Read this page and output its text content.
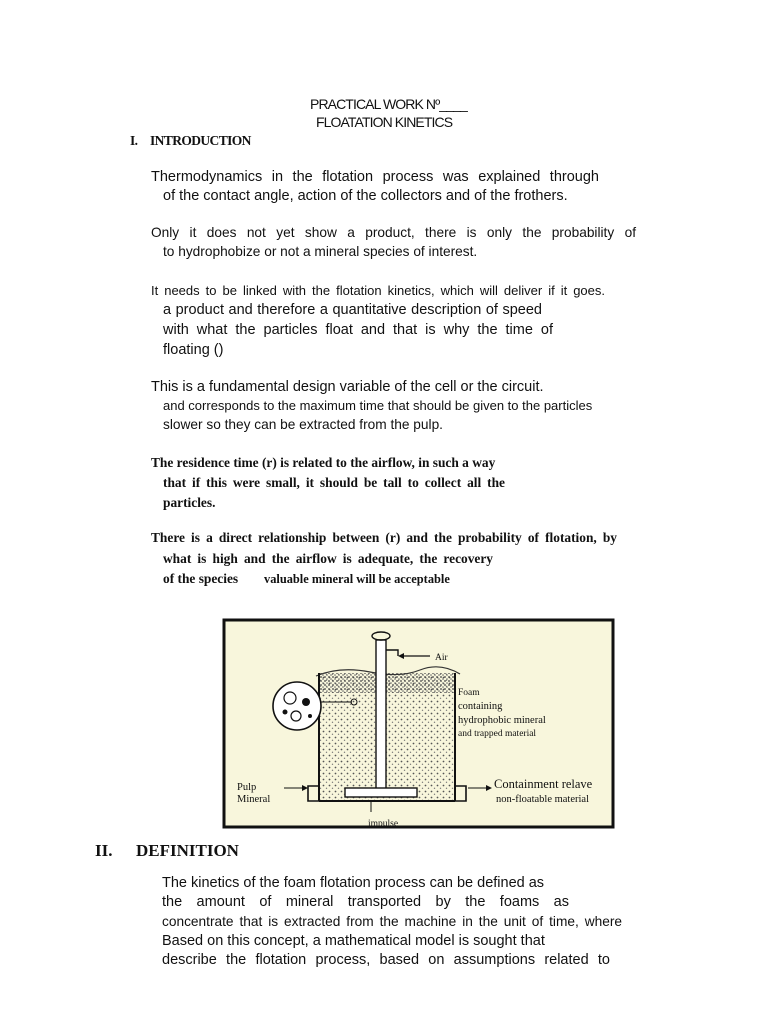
PRACTICAL WORK Nº____
FLOATATION KINETICS
I. INTRODUCTION
Thermodynamics in the flotation process was explained through
of the contact angle, action of the collectors and of the frothers.
Only it does not yet show a product, there is only the probability of
to hydrophobize or not a mineral species of interest.
It needs to be linked with the flotation kinetics, which will deliver if it goes.
a product and therefore a quantitative description of speed
with what the particles float and that is why the time of
floating ()
This is a fundamental design variable of the cell or the circuit.
and corresponds to the maximum time that should be given to the particles
slower so they can be extracted from the pulp.
The residence time (r) is related to the airflow, in such a way
that if this were small, it should be tall to collect all the
particles.
There is a direct relationship between (r) and the probability of flotation, by
what is high and the airflow is adequate, the recovery
of the species valuable mineral will be acceptable
Air
Foam
containing
hydrophobic mineral
and trapped material
Pulp
Mineral
Containment relave
non-floatable material
impulse
II. DEFINITION
The kinetics of the foam flotation process can be defined as
the amount of mineral transported by the foams as
concentrate that is extracted from the machine in the unit of time, where
Based on this concept, a mathematical model is sought that
describe the flotation process, based on assumptions related to
